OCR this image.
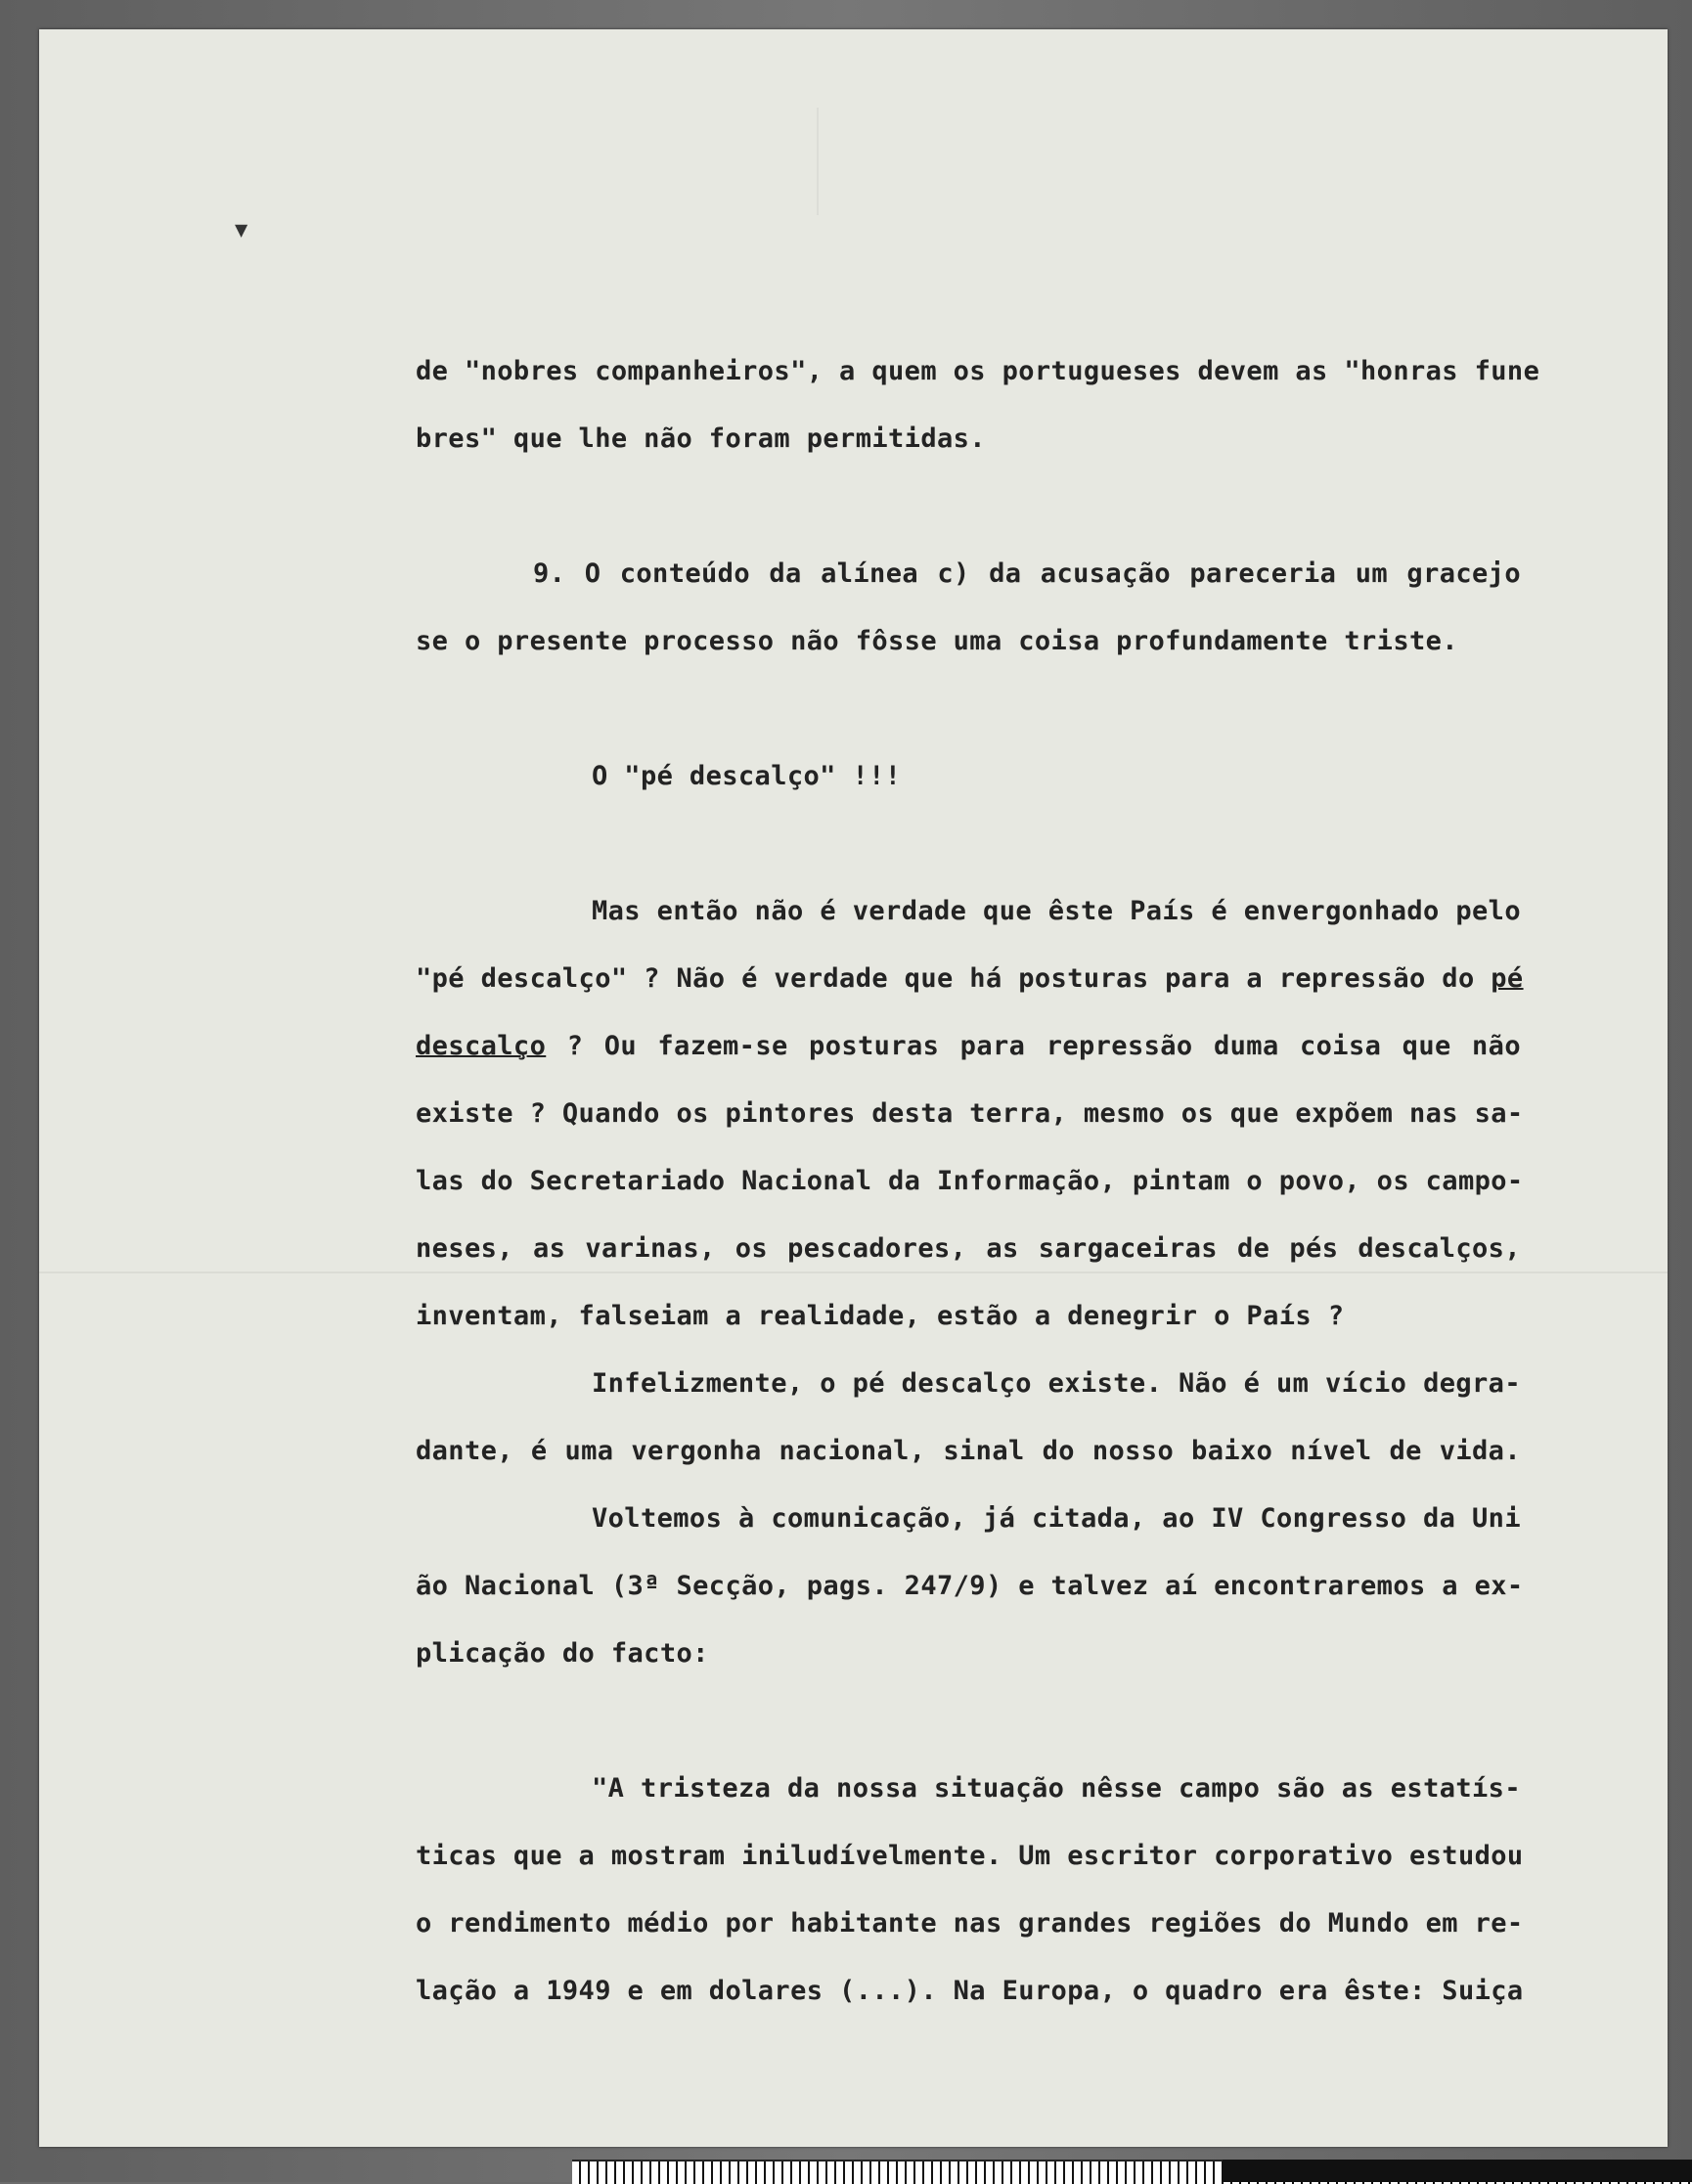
▼
de "nobres companheiros", a quem os portugueses devem as "honras fune
bres" que lhe não foram permitidas.
9. O conteúdo da alínea c) da acusação pareceria um gracejo
se o presente processo não fôsse uma coisa profundamente triste.
O "pé descalço" !!!
Mas então não é verdade que êste País é envergonhado pelo
"pé descalço" ? Não é verdade que há posturas para a repressão do pé
descalço ? Ou fazem-se posturas para repressão duma coisa que não
existe ? Quando os pintores desta terra, mesmo os que expõem nas sa-
las do Secretariado Nacional da Informação, pintam o povo, os campo-
neses, as varinas, os pescadores, as sargaceiras de pés descalços,
inventam, falseiam a realidade, estão a denegrir o País ?
Infelizmente, o pé descalço existe. Não é um vício degra-
dante, é uma vergonha nacional, sinal do nosso baixo nível de vida.
Voltemos à comunicação, já citada, ao IV Congresso da Uni
ão Nacional (3ª Secção, pags. 247/9) e talvez aí encontraremos a ex-
plicação do facto:
"A tristeza da nossa situação nêsse campo são as estatís-
ticas que a mostram iniludívelmente. Um escritor corporativo estudou
o rendimento médio por habitante nas grandes regiões do Mundo em re-
lação a 1949 e em dolares (...). Na Europa, o quadro era êste: Suiça
